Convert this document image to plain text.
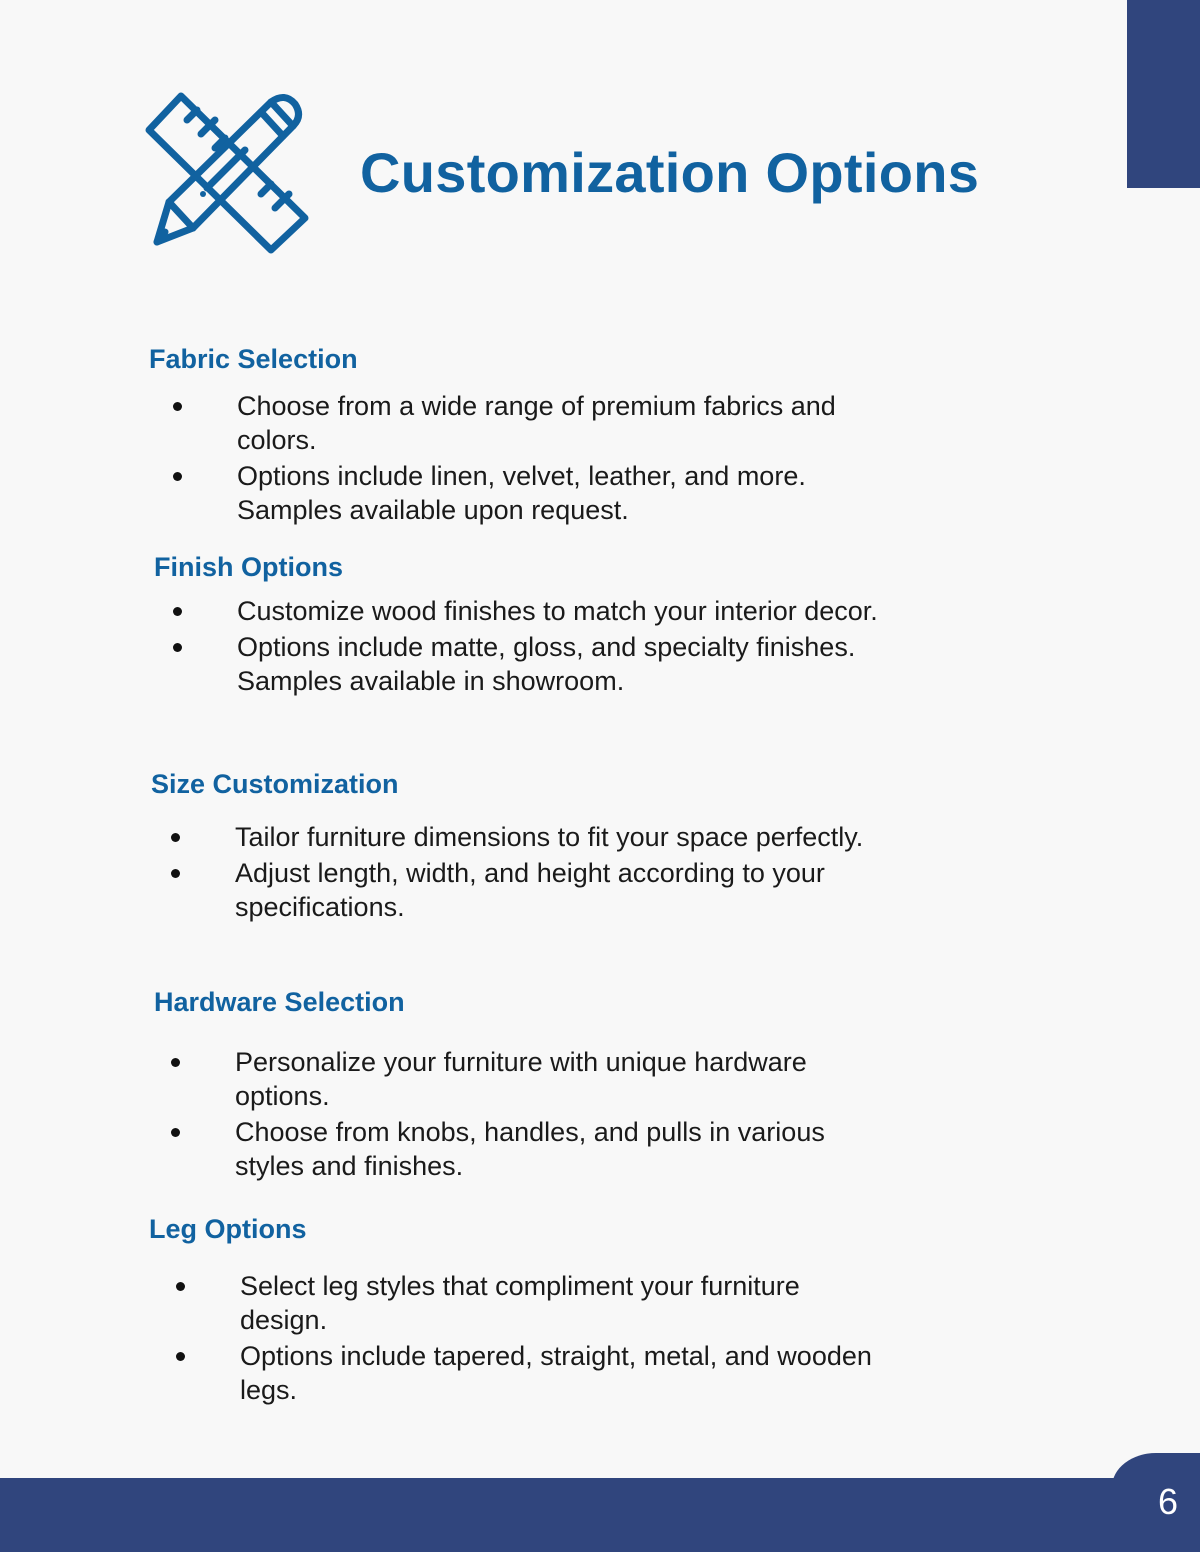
Customization Options
Fabric Selection
Choose from a wide range of premium fabrics and
colors.
Options include linen, velvet, leather, and more.
Samples available upon request.
Finish Options
Customize wood finishes to match your interior decor.
Options include matte, gloss, and specialty finishes.
Samples available in showroom.
Size Customization
Tailor furniture dimensions to fit your space perfectly.
Adjust length, width, and height according to your
specifications.
Hardware Selection
Personalize your furniture with unique hardware
options.
Choose from knobs, handles, and pulls in various
styles and finishes.
Leg Options
Select leg styles that compliment your furniture
design.
Options include tapered, straight, metal, and wooden
legs.
6
